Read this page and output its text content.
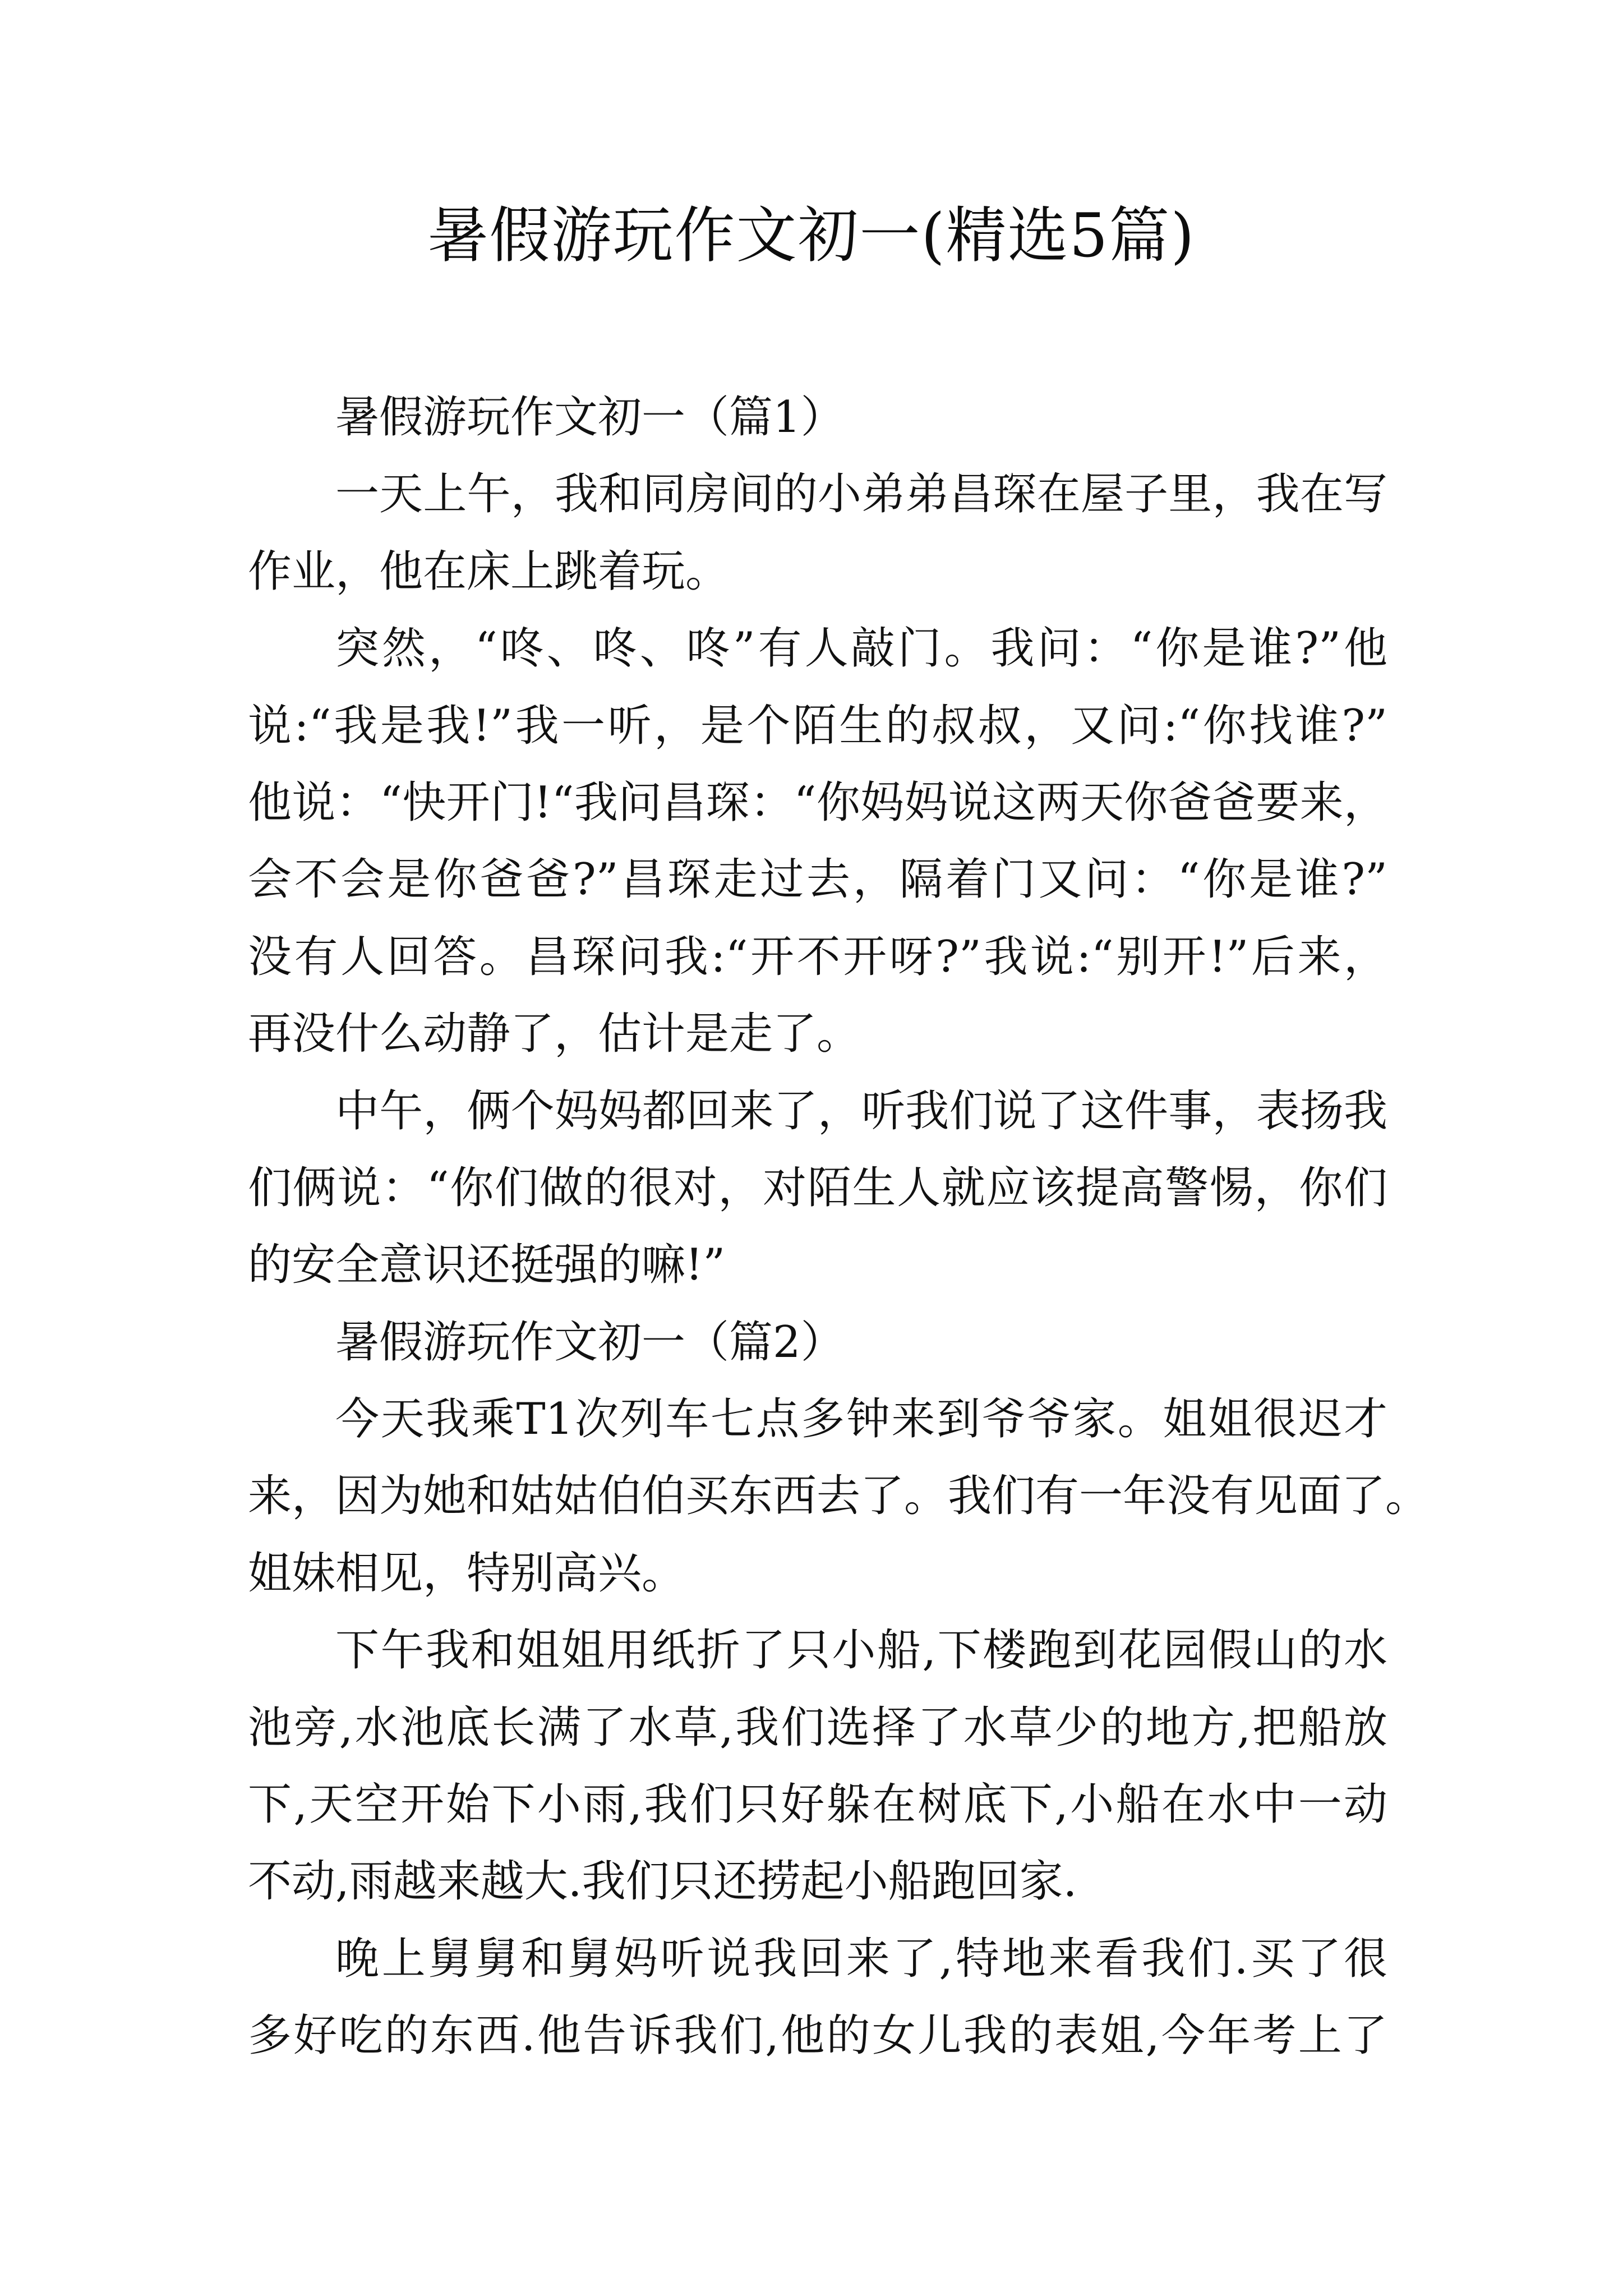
暑假游玩作文初一(精选5篇)
暑假游玩作文初一（篇1）
一天上午，我和同房间的小弟弟昌琛在屋子里，我在写
作业，他在床上跳着玩。
突然，“咚、咚、咚”有人敲门。我问：“你是谁?”他
说:“我是我!”我一听，是个陌生的叔叔，又问:“你找谁?”
他说：“快开门!“我问昌琛：“你妈妈说这两天你爸爸要来，
会不会是你爸爸?”昌琛走过去，隔着门又问：“你是谁?”
没有人回答。昌琛问我:“开不开呀?”我说:“别开!”后来，
再没什么动静了，估计是走了。
中午，俩个妈妈都回来了，听我们说了这件事，表扬我
们俩说：“你们做的很对，对陌生人就应该提高警惕，你们
的安全意识还挺强的嘛!”
暑假游玩作文初一（篇2）
今天我乘T1次列车七点多钟来到爷爷家。姐姐很迟才
来，因为她和姑姑伯伯买东西去了。我们有一年没有见面了。
姐妹相见，特别高兴。
下午我和姐姐用纸折了只小船,下楼跑到花园假山的水
池旁,水池底长满了水草,我们选择了水草少的地方,把船放
下,天空开始下小雨,我们只好躲在树底下,小船在水中一动
不动,雨越来越大.我们只还捞起小船跑回家.
晚上舅舅和舅妈听说我回来了,特地来看我们.买了很
多好吃的东西.他告诉我们,他的女儿我的表姐,今年考上了
